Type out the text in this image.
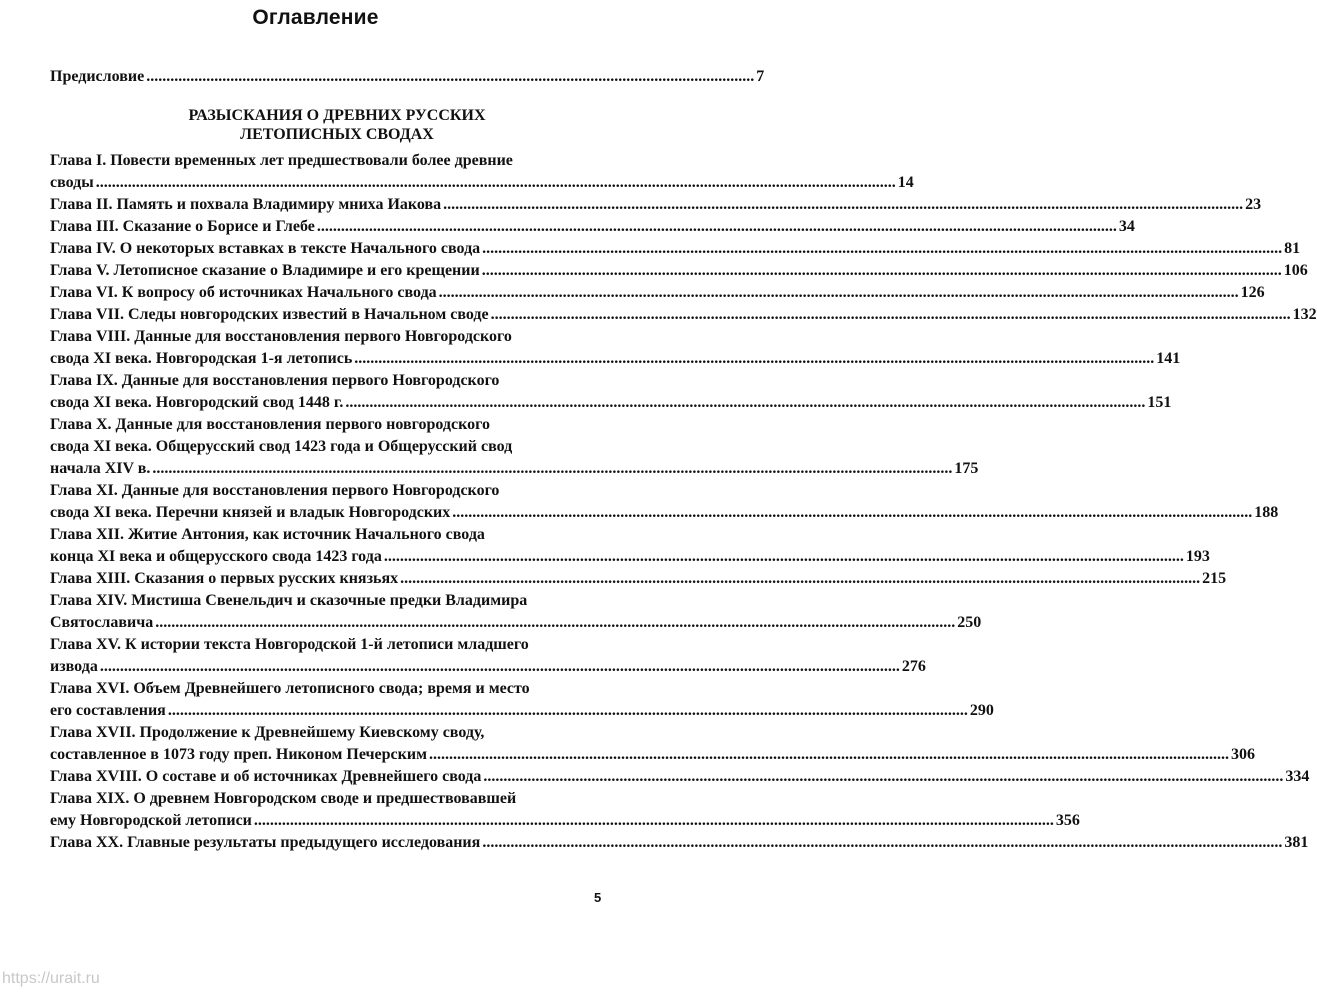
Оглавление
Предисловие ........................................................................................................................................................ 7
РАЗЫСКАНИЯ О ДРЕВНИХ РУССКИХ
ЛЕТОПИСНЫХ СВОДАХ
Глава I. Повести временных лет предшествовали более древние
своды ........................................................................................................................................................................................................ 14
Глава II. Память и похвала Владимиру мниха Иакова ........................................................................................................................................................................................................ 23
Глава III. Сказание о Борисе и Глебе ........................................................................................................................................................................................................ 34
Глава IV. О некоторых вставках в тексте Начального свода ........................................................................................................................................................................................................ 81
Глава V. Летописное сказание о Владимире и его крещении ........................................................................................................................................................................................................ 106
Глава VI. К вопросу об источниках Начального свода ........................................................................................................................................................................................................ 126
Глава VII. Следы новгородских известий в Начальном своде ........................................................................................................................................................................................................ 132
Глава VIII. Данные для восстановления первого Новгородского
свода XI века. Новгородская 1-я летопись ........................................................................................................................................................................................................ 141
Глава IX. Данные для восстановления первого Новгородского
свода XI века. Новгородский свод 1448 г. ........................................................................................................................................................................................................ 151
Глава X. Данные для восстановления первого новгородского
свода XI века. Общерусский свод 1423 года и Общерусский свод
начала XIV в. ........................................................................................................................................................................................................ 175
Глава XI. Данные для восстановления первого Новгородского
свода XI века. Перечни князей и владык Новгородских ........................................................................................................................................................................................................ 188
Глава XII. Житие Антония, как источник Начального свода
конца XI века и общерусского свода 1423 года ........................................................................................................................................................................................................ 193
Глава XIII. Сказания о первых русских князьях ........................................................................................................................................................................................................ 215
Глава XIV. Мистиша Свенельдич и сказочные предки Владимира
Святославича ........................................................................................................................................................................................................ 250
Глава XV. К истории текста Новгородской 1-й летописи младшего
извода ........................................................................................................................................................................................................ 276
Глава XVI. Объем Древнейшего летописного свода; время и место
его составления ........................................................................................................................................................................................................ 290
Глава XVII. Продолжение к Древнейшему Киевскому своду,
составленное в 1073 году преп. Никоном Печерским ........................................................................................................................................................................................................ 306
Глава XVIII. О составе и об источниках Древнейшего свода ........................................................................................................................................................................................................ 334
Глава XIX. О древнем Новгородском своде и предшествовавшей
ему Новгородской летописи ........................................................................................................................................................................................................ 356
Глава XX. Главные результаты предыдущего исследования ........................................................................................................................................................................................................ 381
5
https://urait.ru
